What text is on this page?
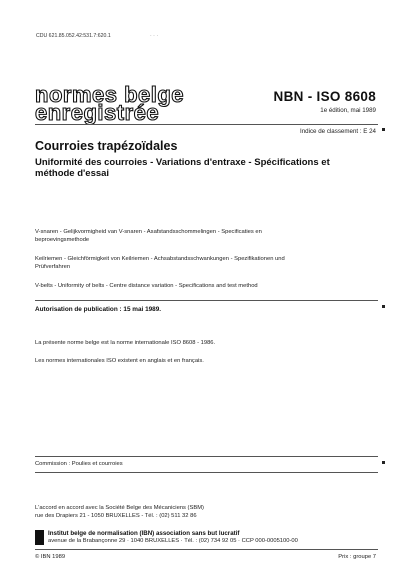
CDU 621.85.052.42:531.7:620.1	· · ·
normes belge
enregistrée
NBN - ISO 8608
1e édition, mai 1989
Indice de classement : E 24
Courroies trapézoïdales
Uniformité des courroies - Variations d'entraxe - Spécifications et
méthode d'essai
V-snaren - Gelijkvormigheid van V-snaren - Asafstandsschommelingen - Specificaties en
beproevingsmethode
Keilriemen - Gleichförmigkeit von Keilriemen - Achsabstandsschwankungen - Spezifikationen und
Prüfverfahren
V-belts - Uniformity of belts - Centre distance variation - Specifications and test method
Autorisation de publication : 15 mai 1989.
La présente norme belge est la norme internationale ISO 8608 - 1986.
Les normes internationales ISO existent en anglais et en français.
Commission : Poulies et courroies
L'accord en accord avec la Société Belge des Mécaniciens (SBM)
rue des Drapiers 21 - 1050 BRUXELLES - Tél. : (02) 511 32 86
Institut belge de normalisation (IBN) association sans but lucratif
avenue de la Brabançonne 29 · 1040 BRUXELLES · Tél. : (02) 734 92 05 · CCP 000-0005100-00
© IBN 1989	Prix : groupe 7
